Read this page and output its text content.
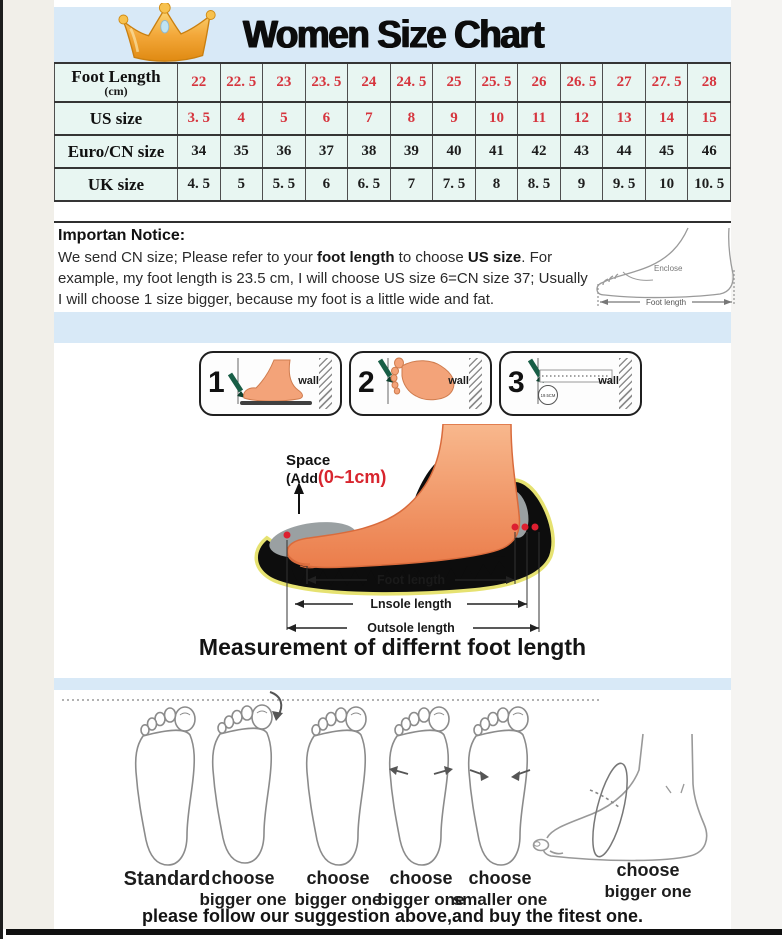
Women Size Chart
Foot Length
(cm)	22	22. 5	23	23. 5	24	24. 5	25	25. 5	26	26. 5	27	27. 5	28
US size	3. 5	4	5	6	7	8	9	10	11	12	13	14	15
Euro/CN size	34	35	36	37	38	39	40	41	42	43	44	45	46
UK size	4. 5	5	5. 5	6	6. 5	7	7. 5	8	8. 5	9	9. 5	10	10. 5
Importan Notice:
We send CN size; Please refer to your foot length to choose US size. For example, my foot length is 23.5 cm, I will choose US size 6=CN size 37; Usually I will choose 1 size bigger, because my foot is a little wide and fat.
Enclose
Foot length
1	wall 2	wall 3	19.5CM
wall
Foot length
Lnsole length
Outsole length
Space
(Add(0~1cm)
Measurement of differnt foot length
Standard choose
bigger one
choose
bigger one
choose
bigger one
choose
smaller one
choose
bigger one
please follow our suggestion above,and buy the fitest one.
